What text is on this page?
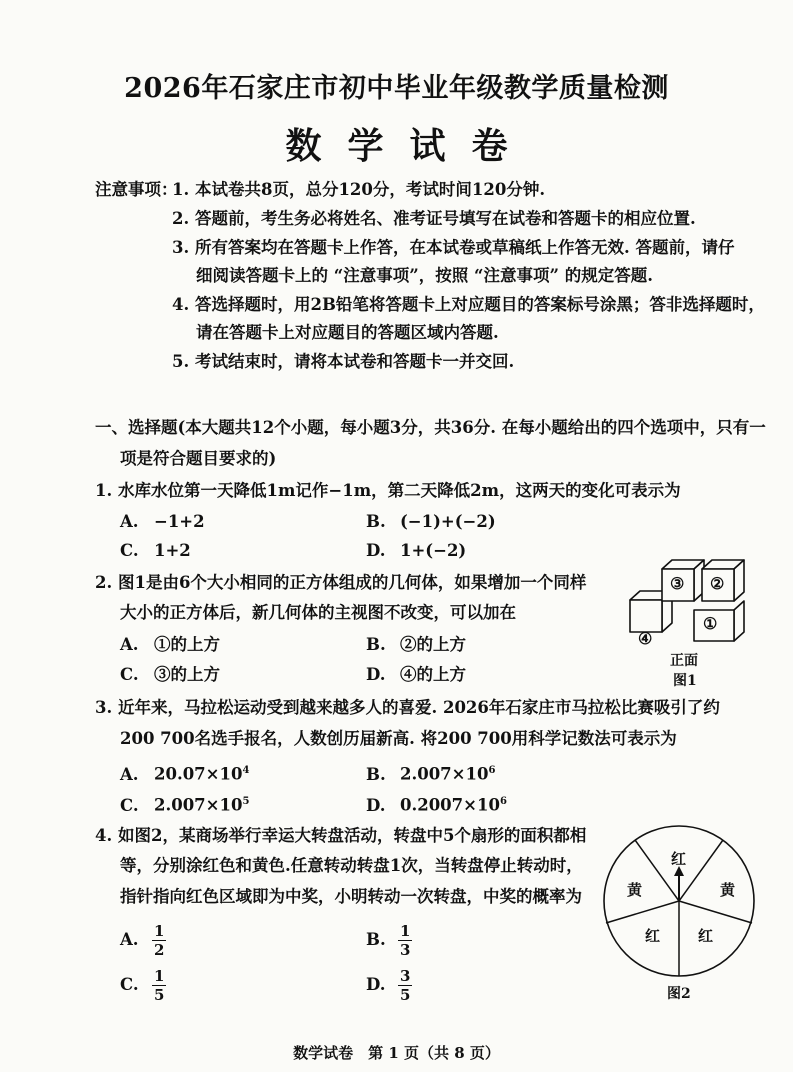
2026年石家庄市初中毕业年级教学质量检测
数学试卷
注意事项：
1. 本试卷共8页，总分120分，考试时间120分钟.
2. 答题前，考生务必将姓名、准考证号填写在试卷和答题卡的相应位置.
3. 所有答案均在答题卡上作答，在本试卷或草稿纸上作答无效. 答题前，请仔
细阅读答题卡上的 “注意事项”，按照 “注意事项” 的规定答题.
4. 答选择题时，用2B铅笔将答题卡上对应题目的答案标号涂黑；答非选择题时，
请在答题卡上对应题目的答题区域内答题.
5. 考试结束时，请将本试卷和答题卡一并交回.
一、选择题(本大题共12个小题，每小题3分，共36分. 在每小题给出的四个选项中，只有一
项是符合题目要求的)
1. 水库水位第一天降低1m记作−1m，第二天降低2m，这两天的变化可表示为
A. −1+2	B. (−1)+(−2)
C. 1+2	D. 1+(−2)
2. 图1是由6个大小相同的正方体组成的几何体，如果增加一个同样
大小的正方体后，新几何体的主视图不改变，可以加在
A. ①的上方	B. ②的上方
C. ③的上方	D. ④的上方
④
③ ②
①
正面
图1
3. 近年来，马拉松运动受到越来越多人的喜爱. 2026年石家庄市马拉松比赛吸引了约
200 700名选手报名，人数创历届新高. 将200 700用科学记数法可表示为
A. $20.07\times 10^4$	B. $2.007\times 10^6$
C. $2.007\times 10^5$	D. $0.2007\times 10^6$
4. 如图2，某商场举行幸运大转盘活动，转盘中5个扇形的面积都相
等，分别涂红色和黄色.任意转动转盘1次，当转盘停止转动时，
指针指向红色区域即为中奖，小明转动一次转盘，中奖的概率为
A. $\frac{1}{2}$	B. $\frac{1}{3}$
C. $\frac{1}{5}$	D. $\frac{3}{5}$
红
黄	黄
红	红
图2
数学试卷　第 1 页（共 8 页）
